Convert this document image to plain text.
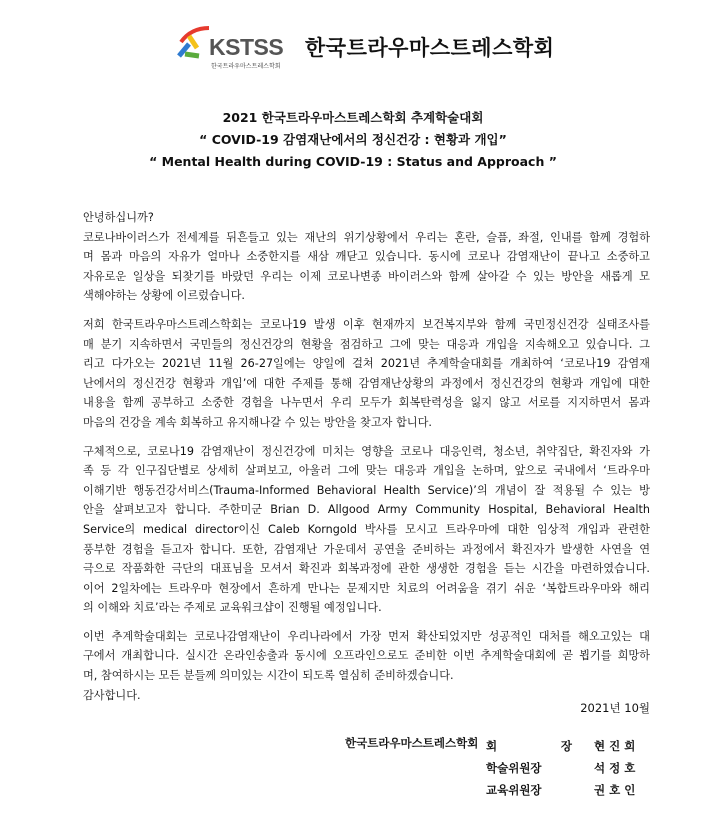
KSTSS
한국트라우마스트레스학회
한국트라우마스트레스학회
2021 한국트라우마스트레스학회 추계학술대회
“ COVID-19 감염재난에서의 정신건강 : 현황과 개입”
“ Mental Health during COVID-19 : Status and Approach ”
안녕하십니까?
코로나바이러스가 전세계를 뒤흔들고 있는 재난의 위기상황에서 우리는 혼란, 슬픔, 좌절, 인내를 함께 경험하
며 몸과 마음의 자유가 얼마나 소중한지를 새삼 깨닫고 있습니다. 동시에 코로나 감염재난이 끝나고 소중하고
자유로운 일상을 되찾기를 바랐던 우리는 이제 코로나변종 바이러스와 함께 살아갈 수 있는 방안을 새롭게 모
색해야하는 상황에 이르렀습니다.
저희 한국트라우마스트레스학회는 코로나19 발생 이후 현재까지 보건복지부와 함께 국민정신건강 실태조사를
매 분기 지속하면서 국민들의 정신건강의 현황을 점검하고 그에 맞는 대응과 개입을 지속해오고 있습니다. 그
리고 다가오는 2021년 11월 26-27일에는 양일에 걸쳐 2021년 추계학술대회를 개최하여 ‘코로나19 감염재
난에서의 정신건강 현황과 개입’에 대한 주제를 통해 감염재난상황의 과정에서 정신건강의 현황과 개입에 대한
내용을 함께 공부하고 소중한 경험을 나누면서 우리 모두가 회복탄력성을 잃지 않고 서로를 지지하면서 몸과
마음의 건강을 계속 회복하고 유지해나갈 수 있는 방안을 찾고자 합니다.
구체적으로, 코로나19 감염재난이 정신건강에 미치는 영향을 코로나 대응인력, 청소년, 취약집단, 확진자와 가
족 등 각 인구집단별로 상세히 살펴보고, 아울러 그에 맞는 대응과 개입을 논하며, 앞으로 국내에서 ‘트라우마
이해기반 행동건강서비스(Trauma-Informed Behavioral Health Service)’의 개념이 잘 적용될 수 있는 방
안을 살펴보고자 합니다. 주한미군 Brian D. Allgood Army Community Hospital, Behavioral Health
Service의 medical director이신 Caleb Korngold 박사를 모시고 트라우마에 대한 임상적 개입과 관련한
풍부한 경험을 듣고자 합니다. 또한, 감염재난 가운데서 공연을 준비하는 과정에서 확진자가 발생한 사연을 연
극으로 작품화한 극단의 대표님을 모셔서 확진과 회복과정에 관한 생생한 경험을 듣는 시간을 마련하였습니다.
이어 2일차에는 트라우마 현장에서 흔하게 만나는 문제지만 치료의 어려움을 겪기 쉬운 ‘복합트라우마와 해리
의 이해와 치료’라는 주제로 교육워크샵이 진행될 예정입니다.
이번 추계학술대회는 코로나감염재난이 우리나라에서 가장 먼저 확산되었지만 성공적인 대처를 해오고있는 대
구에서 개최합니다. 실시간 온라인송출과 동시에 오프라인으로도 준비한 이번 추계학술대회에 곧 뵙기를 희망하
며, 참여하시는 모든 분들께 의미있는 시간이 되도록 열심히 준비하겠습니다.
감사합니다.
2021년 10월
한국트라우마스트레스학회 회 장 현진희
학술위원장	석정호
교육위원장	권호인
